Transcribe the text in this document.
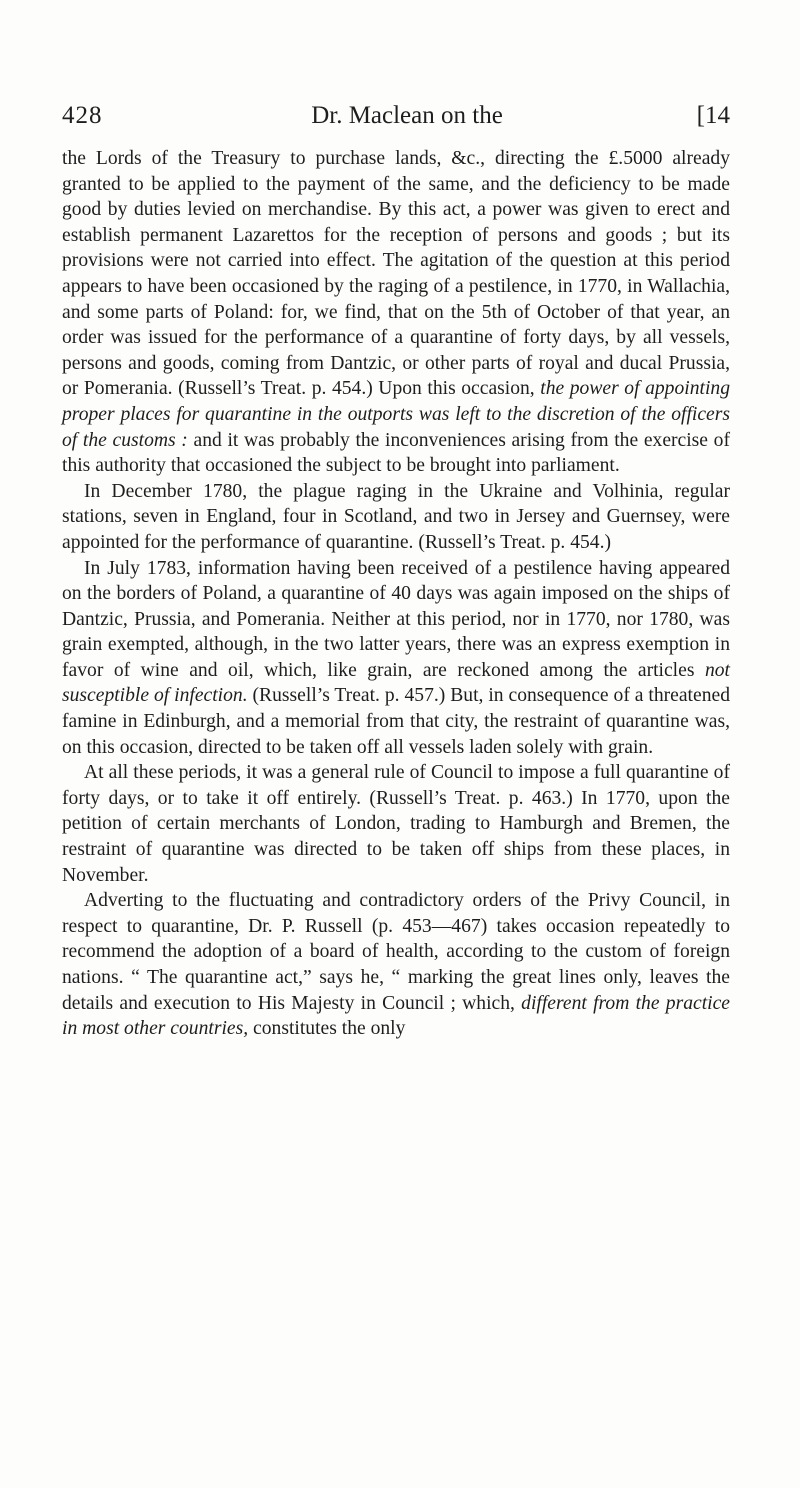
428	Dr. Maclean on the	[14

the Lords of the Treasury to purchase lands, &c., directing the £.5000 already granted to be applied to the payment of the same, and the deficiency to be made good by duties levied on merchandise. By this act, a power was given to erect and establish permanent Lazarettos for the reception of persons and goods ; but its provisions were not carried into effect. The agitation of the question at this period appears to have been occasioned by the raging of a pestilence, in 1770, in Wallachia, and some parts of Poland: for, we find, that on the 5th of October of that year, an order was issued for the performance of a quarantine of forty days, by all vessels, persons and goods, coming from Dantzic, or other parts of royal and ducal Prussia, or Pomerania. (Russell’s Treat. p. 454.) Upon this occasion, the power of appointing proper places for quarantine in the outports was left to the discretion of the officers of the customs : and it was probably the inconveniences arising from the exercise of this authority that occasioned the subject to be brought into parliament.

In December 1780, the plague raging in the Ukraine and Volhinia, regular stations, seven in England, four in Scotland, and two in Jersey and Guernsey, were appointed for the performance of quarantine. (Russell’s Treat. p. 454.)

In July 1783, information having been received of a pestilence having appeared on the borders of Poland, a quarantine of 40 days was again imposed on the ships of Dantzic, Prussia, and Pomerania. Neither at this period, nor in 1770, nor 1780, was grain exempted, although, in the two latter years, there was an express exemption in favor of wine and oil, which, like grain, are reckoned among the articles not susceptible of infection. (Russell’s Treat. p. 457.) But, in consequence of a threatened famine in Edinburgh, and a memorial from that city, the restraint of quarantine was, on this occasion, directed to be taken off all vessels laden solely with grain.

At all these periods, it was a general rule of Council to impose a full quarantine of forty days, or to take it off entirely. (Russell’s Treat. p. 463.) In 1770, upon the petition of certain merchants of London, trading to Hamburgh and Bremen, the restraint of quarantine was directed to be taken off ships from these places, in November.

Adverting to the fluctuating and contradictory orders of the Privy Council, in respect to quarantine, Dr. P. Russell (p. 453—467) takes occasion repeatedly to recommend the adoption of a board of health, according to the custom of foreign nations. “ The quarantine act,” says he, “ marking the great lines only, leaves the details and execution to His Majesty in Council ; which, different from the practice in most other countries, constitutes the only
